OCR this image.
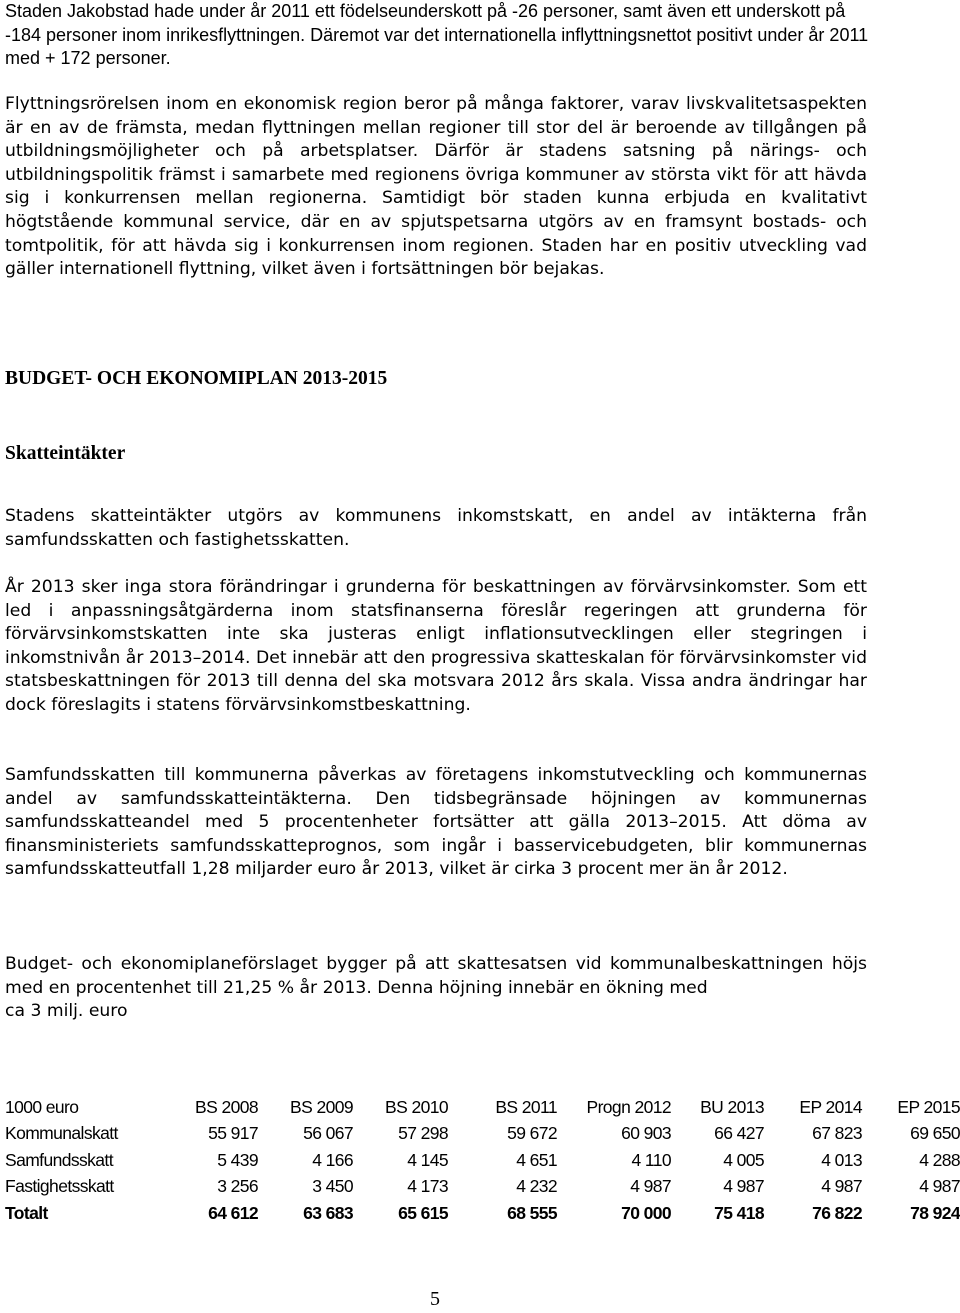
Staden Jakobstad hade under år 2011 ett födelseunderskott på -26 personer, samt även ett underskott på -184 personer inom inrikesflyttningen. Däremot var det internationella inflyttningsnettot positivt under år 2011 med + 172 personer.

Flyttningsrörelsen inom en ekonomisk region beror på många faktorer, varav livskvalitetsaspekten är en av de främsta, medan flyttningen mellan regioner till stor del är beroende av tillgången på utbildningsmöjligheter och på arbetsplatser. Därför är stadens satsning på närings- och utbildningspolitik främst i samarbete med regionens övriga kommuner av största vikt för att hävda sig i konkurrensen mellan regionerna. Samtidigt bör staden kunna erbjuda en kvalitativt högtstående kommunal service, där en av spjutspetsarna utgörs av en framsynt bostads- och tomtpolitik, för att hävda sig i konkurrensen inom regionen. Staden har en positiv utveckling vad gäller internationell flyttning, vilket även i fortsättningen bör bejakas.

BUDGET- OCH EKONOMIPLAN 2013-2015
Skatteintäkter

Stadens skatteintäkter utgörs av kommunens inkomstskatt, en andel av intäkterna från samfundsskatten och fastighetsskatten.

År 2013 sker inga stora förändringar i grunderna för beskattningen av förvärvsinkomster. Som ett led i anpassningsåtgärderna inom statsfinanserna föreslår regeringen att grunderna för förvärvsinkomstskatten inte ska justeras enligt inflationsutvecklingen eller stegringen i inkomstnivån år 2013–2014. Det innebär att den progressiva skatteskalan för förvärvsinkomster vid statsbeskattningen för 2013 till denna del ska motsvara 2012 års skala. Vissa andra ändringar har dock föreslagits i statens förvärvsinkomstbeskattning.

Samfundsskatten till kommunerna påverkas av företagens inkomstutveckling och kommunernas andel av samfundsskatteintäkterna. Den tidsbegränsade höjningen av kommunernas samfundsskatteandel med 5 procentenheter fortsätter att gälla 2013–2015. Att döma av finansministeriets samfundsskatteprognos, som ingår i basservicebudgeten, blir kommunernas samfundsskatteutfall 1,28 miljarder euro år 2013, vilket är cirka 3 procent mer än år 2012.

Budget- och ekonomiplaneförslaget bygger på att skattesatsen vid kommunalbeskattningen höjs med en procentenhet till 21,25 % år 2013. Denna höjning innebär en ökning med
ca 3 milj. euro
1000 euro	BS 2008	BS 2009	BS 2010	BS 2011	Progn 2012	BU 2013	EP 2014	EP 2015
Kommunalskatt	55 917	56 067	57 298	59 672	60 903	66 427	67 823	69 650
Samfundsskatt	5 439	4 166	4 145	4 651	4 110	4 005	4 013	4 288
Fastighetsskatt	3 256	3 450	4 173	4 232	4 987	4 987	4 987	4 987
Totalt	64 612	63 683	65 615	68 555	70 000	75 418	76 822	78 924
5
